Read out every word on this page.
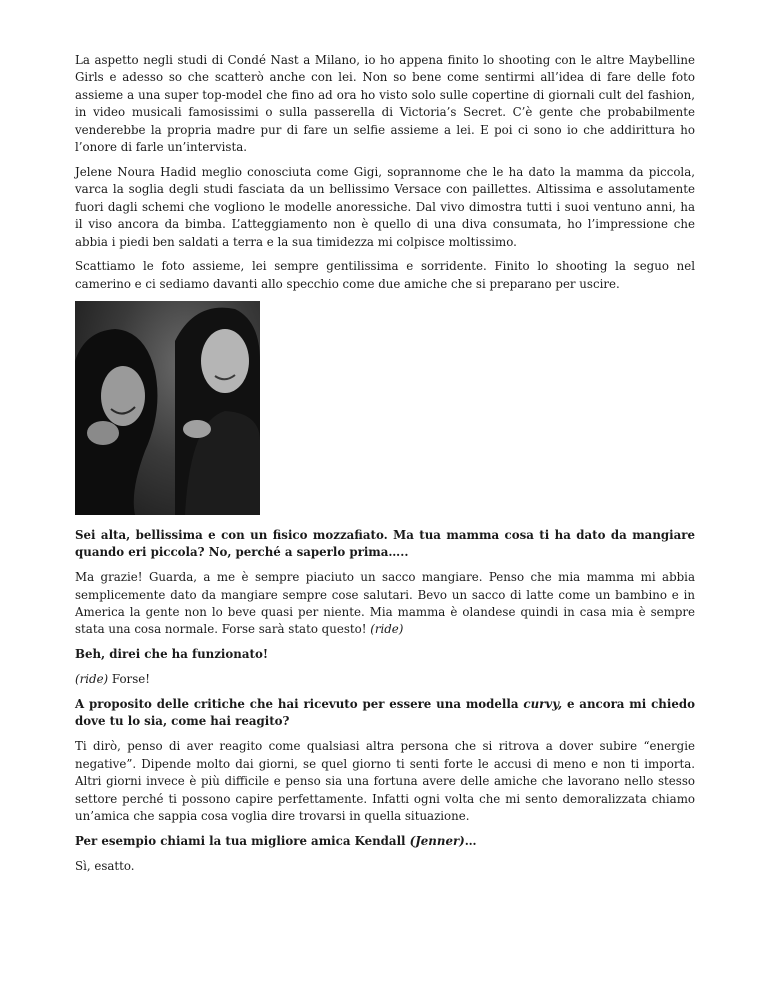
La aspetto negli studi di Condé Nast a Milano, io ho appena finito lo shooting con le altre Maybelline Girls e adesso so che scatterò anche con lei. Non so bene come sentirmi all’idea di fare delle foto assieme a una super top-model che fino ad ora ho visto solo sulle copertine di giornali cult del fashion, in video musicali famosissimi o sulla passerella di Victoria’s Secret. C’è gente che probabilmente venderebbe la propria madre pur di fare un selfie assieme a lei. E poi ci sono io che addirittura ho l’onore di farle un’intervista.

Jelene Noura Hadid meglio conosciuta come Gigi, soprannome che le ha dato la mamma da piccola, varca la soglia degli studi fasciata da un bellissimo Versace con paillettes. Altissima e assolutamente fuori dagli schemi che vogliono le modelle anoressiche. Dal vivo dimostra tutti i suoi ventuno anni, ha il viso ancora da bimba. L’atteggiamento non è quello di una diva consumata, ho l’impressione che abbia i piedi ben saldati a terra e la sua timidezza mi colpisce moltissimo.

Scattiamo le foto assieme, lei sempre gentilissima e sorridente. Finito lo shooting la seguo nel camerino e ci sediamo davanti allo specchio come due amiche che si preparano per uscire.

Sei alta, bellissima e con un fisico mozzafiato. Ma tua mamma cosa ti ha dato da mangiare quando eri piccola? No, perché a saperlo prima…..

Ma grazie! Guarda, a me è sempre piaciuto un sacco mangiare. Penso che mia mamma mi abbia semplicemente dato da mangiare sempre cose salutari. Bevo un sacco di latte come un bambino e in America la gente non lo beve quasi per niente. Mia mamma è olandese quindi in casa mia è sempre stata una cosa normale. Forse sarà stato questo! (ride)

Beh, direi che ha funzionato!

(ride) Forse!

A proposito delle critiche che hai ricevuto per essere una modella curvy, e ancora mi chiedo dove tu lo sia, come hai reagito?

Ti dirò, penso di aver reagito come qualsiasi altra persona che si ritrova a dover subire “energie negative”. Dipende molto dai giorni, se quel giorno ti senti forte le accusi di meno e non ti importa. Altri giorni invece è più difficile e penso sia una fortuna avere delle amiche che lavorano nello stesso settore perché ti possono capire perfettamente. Infatti ogni volta che mi sento demoralizzata chiamo un’amica che sappia cosa voglia dire trovarsi in quella situazione.

Per esempio chiami la tua migliore amica Kendall (Jenner)…

Sì, esatto.
